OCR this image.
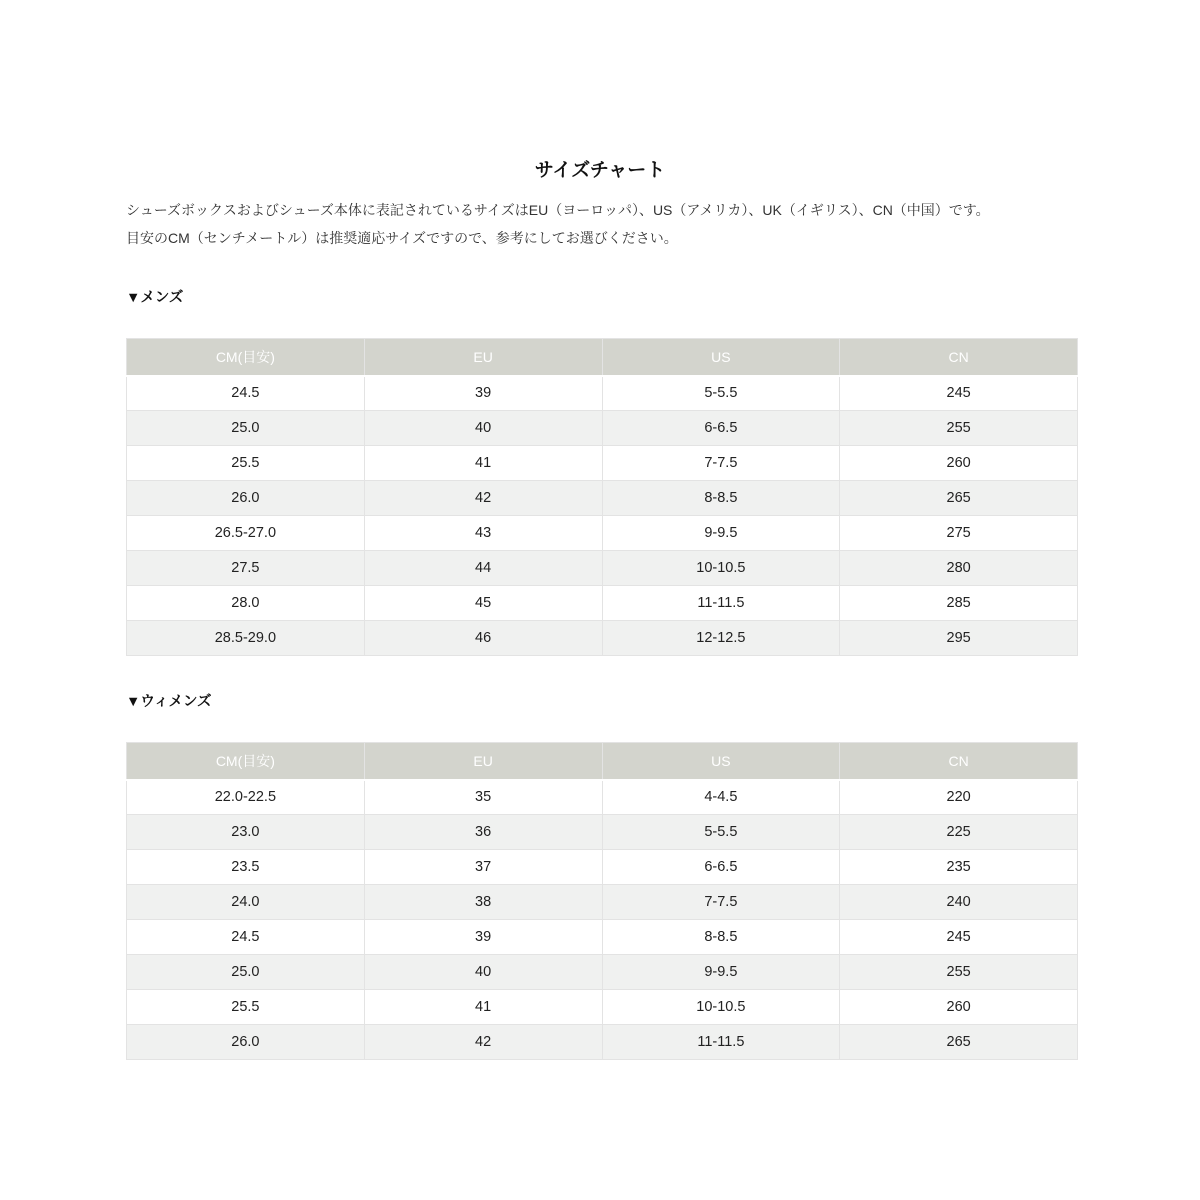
サイズチャート

シューズボックスおよびシューズ本体に表記されているサイズはEU（ヨーロッパ）、US（アメリカ）、UK（イギリス）、CN（中国）です。

目安のCM（センチメートル）は推奨適応サイズですので、参考にしてお選びください。

▼メンズ
CM(目安)	EU	US	CN
24.5	39	5-5.5	245
25.0	40	6-6.5	255
25.5	41	7-7.5	260
26.0	42	8-8.5	265
26.5-27.0	43	9-9.5	275
27.5	44	10-10.5	280
28.0	45	11-11.5	285
28.5-29.0	46	12-12.5	295
▼ウィメンズ
CM(目安)	EU	US	CN
22.0-22.5	35	4-4.5	220
23.0	36	5-5.5	225
23.5	37	6-6.5	235
24.0	38	7-7.5	240
24.5	39	8-8.5	245
25.0	40	9-9.5	255
25.5	41	10-10.5	260
26.0	42	11-11.5	265
